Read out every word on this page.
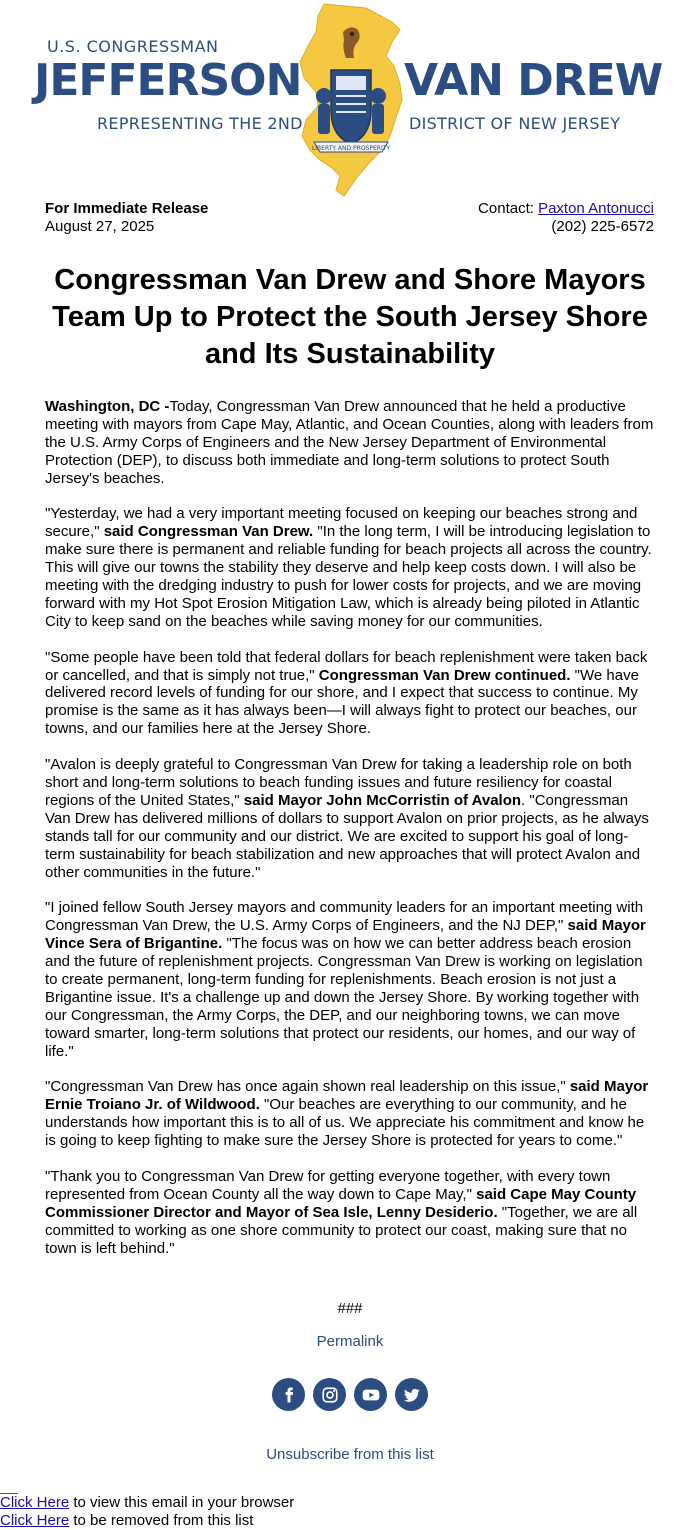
U.S. CONGRESSMAN
JEFFERSON VAN DREW
REPRESENTING THE 2ND	DISTRICT OF NEW JERSEY
LIBERTY AND PROSPERITY
For Immediate Release
August 27, 2025
Contact: Paxton Antonucci
(202) 225-6572
Congressman Van Drew and Shore Mayors Team Up to Protect the South Jersey Shore and Its Sustainability

Washington, DC -Today, Congressman Van Drew announced that he held a productive meeting with mayors from Cape May, Atlantic, and Ocean Counties, along with leaders from the U.S. Army Corps of Engineers and the New Jersey Department of Environmental Protection (DEP), to discuss both immediate and long-term solutions to protect South Jersey's beaches.

"Yesterday, we had a very important meeting focused on keeping our beaches strong and secure," said Congressman Van Drew. "In the long term, I will be introducing legislation to make sure there is permanent and reliable funding for beach projects all across the country. This will give our towns the stability they deserve and help keep costs down. I will also be meeting with the dredging industry to push for lower costs for projects, and we are moving forward with my Hot Spot Erosion Mitigation Law, which is already being piloted in Atlantic City to keep sand on the beaches while saving money for our communities.

"Some people have been told that federal dollars for beach replenishment were taken back or cancelled, and that is simply not true," Congressman Van Drew continued. "We have delivered record levels of funding for our shore, and I expect that success to continue. My promise is the same as it has always been—I will always fight to protect our beaches, our towns, and our families here at the Jersey Shore.

"Avalon is deeply grateful to Congressman Van Drew for taking a leadership role on both short and long-term solutions to beach funding issues and future resiliency for coastal regions of the United States," said Mayor John McCorristin of Avalon. "Congressman Van Drew has delivered millions of dollars to support Avalon on prior projects, as he always stands tall for our community and our district. We are excited to support his goal of long-term sustainability for beach stabilization and new approaches that will protect Avalon and other communities in the future."

"I joined fellow South Jersey mayors and community leaders for an important meeting with Congressman Van Drew, the U.S. Army Corps of Engineers, and the NJ DEP," said Mayor Vince Sera of Brigantine. "The focus was on how we can better address beach erosion and the future of replenishment projects. Congressman Van Drew is working on legislation to create permanent, long-term funding for replenishments. Beach erosion is not just a Brigantine issue. It's a challenge up and down the Jersey Shore. By working together with our Congressman, the Army Corps, the DEP, and our neighboring towns, we can move toward smarter, long-term solutions that protect our residents, our homes, and our way of life."

"Congressman Van Drew has once again shown real leadership on this issue," said Mayor Ernie Troiano Jr. of Wildwood. "Our beaches are everything to our community, and he understands how important this is to all of us. We appreciate his commitment and know he is going to keep fighting to make sure the Jersey Shore is protected for years to come."

"Thank you to Congressman Van Drew for getting everyone together, with every town represented from Ocean County all the way down to Cape May," said Cape May County Commissioner Director and Mayor of Sea Isle, Lenny Desiderio. "Together, we are all committed to working as one shore community to protect our coast, making sure that no town is left behind."

###

Permalink
Unsubscribe from this list
Click Here to view this email in your browser
Click Here to be removed from this list
